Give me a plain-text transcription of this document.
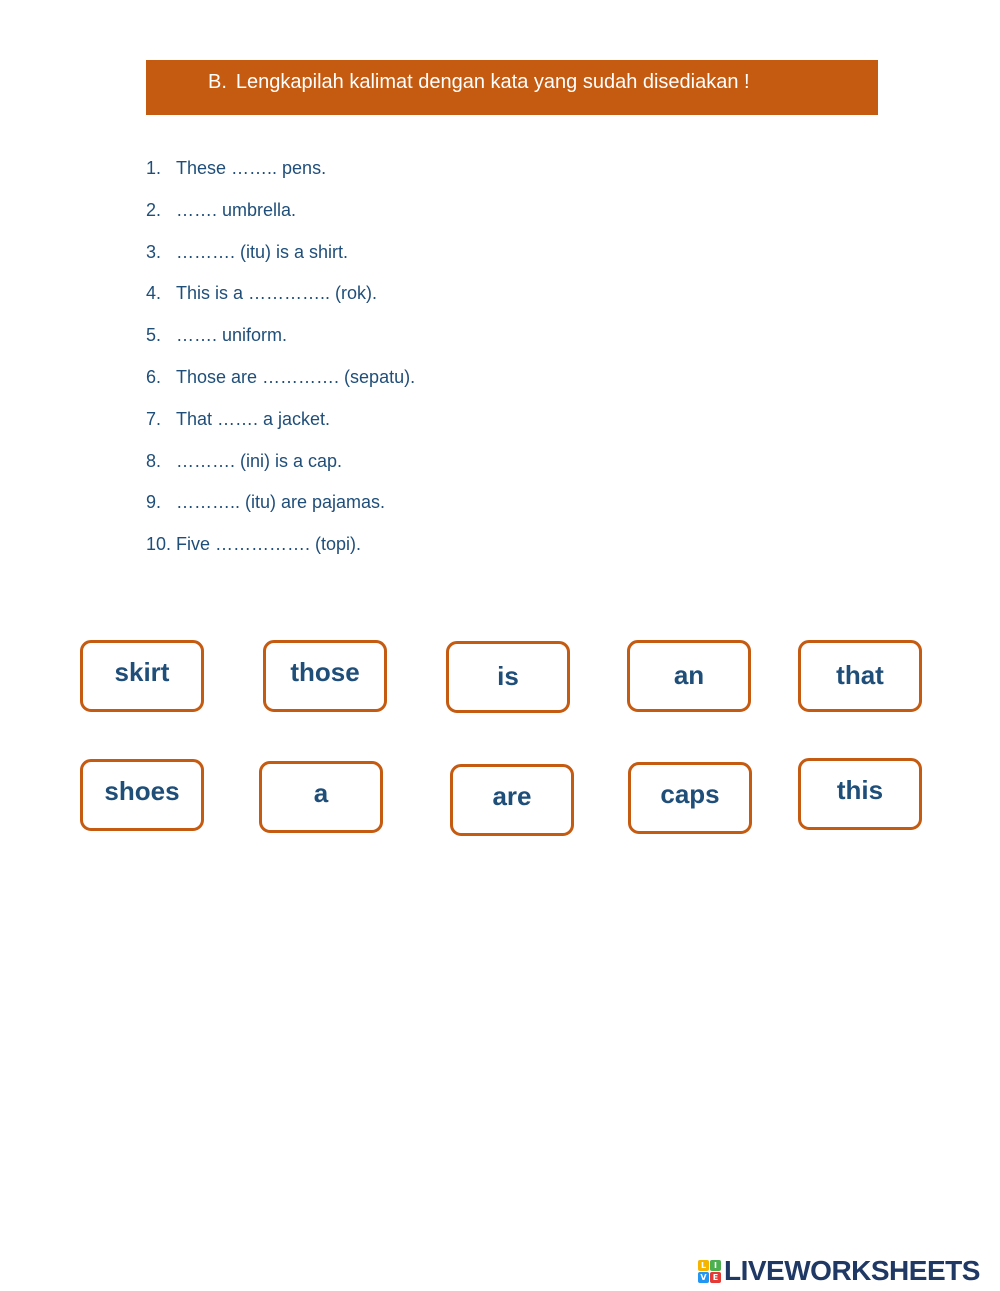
B. Lengkapilah kalimat dengan kata yang sudah disediakan !
1. These …….. pens.
2. ……. umbrella.
3. ………. (itu) is a shirt.
4. This is a ………….. (rok).
5. ……. uniform.
6. Those are …………. (sepatu).
7. That ……. a jacket.
8. ………. (ini) is a cap.
9. ……….. (itu) are pajamas.
10. Five ……………. (topi).
skirt	those	is	an	that
shoes	a	are	caps	this
L I
V E LIVEWORKSHEETS
